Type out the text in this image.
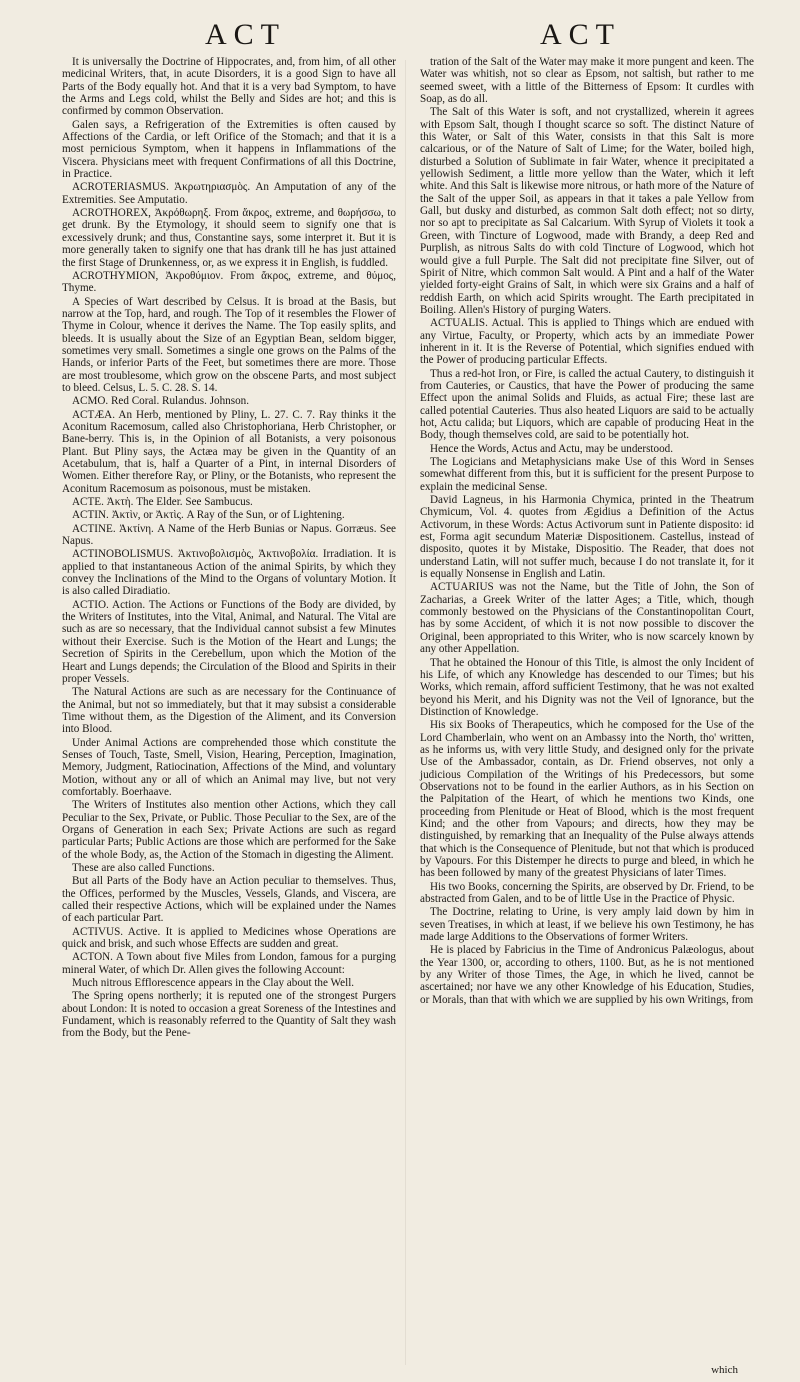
ACT	ACT

It is universally the Doctrine of Hippocrates, and, from him, of all other medicinal Writers, that, in acute Disorders, it is a good Sign to have all Parts of the Body equally hot. And that it is a very bad Symptom, to have the Arms and Legs cold, whilst the Belly and Sides are hot; and this is confirmed by common Observation.

Galen says, a Refrigeration of the Extremities is often caused by Affections of the Cardia, or left Orifice of the Stomach; and that it is a most pernicious Symptom, when it happens in Inflammations of the Viscera. Physicians meet with frequent Confirmations of all this Doctrine, in Practice.

ACROTERIASMUS. Ἀκρωτηριασμὸς. An Amputation of any of the Extremities. See Amputatio.

ACROTHOREX, Ἀκρόθωρηξ. From ἄκρος, extreme, and θωρήσσω, to get drunk. By the Etymology, it should seem to signify one that is excessively drunk; and thus, Constantine says, some interpret it. But it is more generally taken to signify one that has drank till he has just attained the first Stage of Drunkenness, or, as we express it in English, is fuddled.

ACROTHYMION, Ἀκροθύμιον. From ἄκρος, extreme, and θύμος, Thyme.

A Species of Wart described by Celsus. It is broad at the Basis, but narrow at the Top, hard, and rough. The Top of it resembles the Flower of Thyme in Colour, whence it derives the Name. The Top easily splits, and bleeds. It is usually about the Size of an Egyptian Bean, seldom bigger, sometimes very small. Sometimes a single one grows on the Palms of the Hands, or inferior Parts of the Feet, but sometimes there are more. Those are most troublesome, which grow on the obscene Parts, and most subject to bleed. Celsus, L. 5. C. 28. S. 14.

ACMO. Red Coral. Rulandus. Johnson.

ACTÆA. An Herb, mentioned by Pliny, L. 27. C. 7. Ray thinks it the Aconitum Racemosum, called also Christophoriana, Herb Christopher, or Bane-berry. This is, in the Opinion of all Botanists, a very poisonous Plant. But Pliny says, the Actæa may be given in the Quantity of an Acetabulum, that is, half a Quarter of a Pint, in internal Disorders of Women. Either therefore Ray, or Pliny, or the Botanists, who represent the Aconitum Racemosum as poisonous, must be mistaken.

ACTE. Ἀκτὴ. The Elder. See Sambucus.

ACTIN. Ἀκτὶν, or Ἀκτὶς. A Ray of the Sun, or of Lightening.

ACTINE. Ἀκτίνη. A Name of the Herb Bunias or Napus. Gorræus. See Napus.

ACTINOBOLISMUS. Ἀκτινοβολισμὸς, Ἀκτινοβολία. Irradiation. It is applied to that instantaneous Action of the animal Spirits, by which they convey the Inclinations of the Mind to the Organs of voluntary Motion. It is also called Diradiatio.

ACTIO. Action. The Actions or Functions of the Body are divided, by the Writers of Institutes, into the Vital, Animal, and Natural. The Vital are such as are so necessary, that the Individual cannot subsist a few Minutes without their Exercise. Such is the Motion of the Heart and Lungs; the Secretion of Spirits in the Cerebellum, upon which the Motion of the Heart and Lungs depends; the Circulation of the Blood and Spirits in their proper Vessels.

The Natural Actions are such as are necessary for the Continuance of the Animal, but not so immediately, but that it may subsist a considerable Time without them, as the Digestion of the Aliment, and its Conversion into Blood.

Under Animal Actions are comprehended those which constitute the Senses of Touch, Taste, Smell, Vision, Hearing, Perception, Imagination, Memory, Judgment, Ratiocination, Affections of the Mind, and voluntary Motion, without any or all of which an Animal may live, but not very comfortably. Boerhaave.

The Writers of Institutes also mention other Actions, which they call Peculiar to the Sex, Private, or Public. Those Peculiar to the Sex, are of the Organs of Generation in each Sex; Private Actions are such as regard particular Parts; Public Actions are those which are performed for the Sake of the whole Body, as, the Action of the Stomach in digesting the Aliment.

These are also called Functions.

But all Parts of the Body have an Action peculiar to themselves. Thus, the Offices, performed by the Muscles, Vessels, Glands, and Viscera, are called their respective Actions, which will be explained under the Names of each particular Part.

ACTIVUS. Active. It is applied to Medicines whose Operations are quick and brisk, and such whose Effects are sudden and great.

ACTON. A Town about five Miles from London, famous for a purging mineral Water, of which Dr. Allen gives the following Account:

Much nitrous Efflorescence appears in the Clay about the Well.

The Spring opens northerly; it is reputed one of the strongest Purgers about London: It is noted to occasion a great Soreness of the Intestines and Fundament, which is reasonably referred to the Quantity of Salt they wash from the Body, but the Pene-

tration of the Salt of the Water may make it more pungent and keen. The Water was whitish, not so clear as Epsom, not saltish, but rather to me seemed sweet, with a little of the Bitterness of Epsom: It curdles with Soap, as do all.

The Salt of this Water is soft, and not crystallized, wherein it agrees with Epsom Salt, though I thought scarce so soft. The distinct Nature of this Water, or Salt of this Water, consists in that this Salt is more calcarious, or of the Nature of Salt of Lime; for the Water, boiled high, disturbed a Solution of Sublimate in fair Water, whence it precipitated a yellowish Sediment, a little more yellow than the Water, which it left white. And this Salt is likewise more nitrous, or hath more of the Nature of the Salt of the upper Soil, as appears in that it takes a pale Yellow from Gall, but dusky and disturbed, as common Salt doth effect; not so dirty, nor so apt to precipitate as Sal Calcarium. With Syrup of Violets it took a Green, with Tincture of Logwood, made with Brandy, a deep Red and Purplish, as nitrous Salts do with cold Tincture of Logwood, which hot would give a full Purple. The Salt did not precipitate fine Silver, out of Spirit of Nitre, which common Salt would. A Pint and a half of the Water yielded forty-eight Grains of Salt, in which were six Grains and a half of reddish Earth, on which acid Spirits wrought. The Earth precipitated in Boiling. Allen's History of purging Waters.

ACTUALIS. Actual. This is applied to Things which are endued with any Virtue, Faculty, or Property, which acts by an immediate Power inherent in it. It is the Reverse of Potential, which signifies endued with the Power of producing particular Effects.

Thus a red-hot Iron, or Fire, is called the actual Cautery, to distinguish it from Cauteries, or Caustics, that have the Power of producing the same Effect upon the animal Solids and Fluids, as actual Fire; these last are called potential Cauteries. Thus also heated Liquors are said to be actually hot, Actu calida; but Liquors, which are capable of producing Heat in the Body, though themselves cold, are said to be potentially hot.

Hence the Words, Actus and Actu, may be understood.

The Logicians and Metaphysicians make Use of this Word in Senses somewhat different from this, but it is sufficient for the present Purpose to explain the medicinal Sense.

David Lagneus, in his Harmonia Chymica, printed in the Theatrum Chymicum, Vol. 4. quotes from Ægidius a Definition of the Actus Activorum, in these Words: Actus Activorum sunt in Patiente disposito: id est, Forma agit secundum Materiæ Dispositionem. Castellus, instead of disposito, quotes it by Mistake, Dispositio. The Reader, that does not understand Latin, will not suffer much, because I do not translate it, for it is equally Nonsense in English and Latin.

ACTUARIUS was not the Name, but the Title of John, the Son of Zacharias, a Greek Writer of the latter Ages; a Title, which, though commonly bestowed on the Physicians of the Constantinopolitan Court, has by some Accident, of which it is not now possible to discover the Original, been appropriated to this Writer, who is now scarcely known by any other Appellation.

That he obtained the Honour of this Title, is almost the only Incident of his Life, of which any Knowledge has descended to our Times; but his Works, which remain, afford sufficient Testimony, that he was not exalted beyond his Merit, and his Dignity was not the Veil of Ignorance, but the Distinction of Knowledge.

His six Books of Therapeutics, which he composed for the Use of the Lord Chamberlain, who went on an Ambassy into the North, tho' written, as he informs us, with very little Study, and designed only for the private Use of the Ambassador, contain, as Dr. Friend observes, not only a judicious Compilation of the Writings of his Predecessors, but some Observations not to be found in the earlier Authors, as in his Section on the Palpitation of the Heart, of which he mentions two Kinds, one proceeding from Plenitude or Heat of Blood, which is the most frequent Kind; and the other from Vapours; and directs, how they may be distinguished, by remarking that an Inequality of the Pulse always attends that which is the Consequence of Plenitude, but not that which is produced by Vapours. For this Distemper he directs to purge and bleed, in which he has been followed by many of the greatest Physicians of later Times.

His two Books, concerning the Spirits, are observed by Dr. Friend, to be abstracted from Galen, and to be of little Use in the Practice of Physic.

The Doctrine, relating to Urine, is very amply laid down by him in seven Treatises, in which at least, if we believe his own Testimony, he has made large Additions to the Observations of former Writers.

He is placed by Fabricius in the Time of Andronicus Palæologus, about the Year 1300, or, according to others, 1100. But, as he is not mentioned by any Writer of those Times, the Age, in which he lived, cannot be ascertained; nor have we any other Knowledge of his Education, Studies, or Morals, than that with which we are supplied by his own Writings, from

which
